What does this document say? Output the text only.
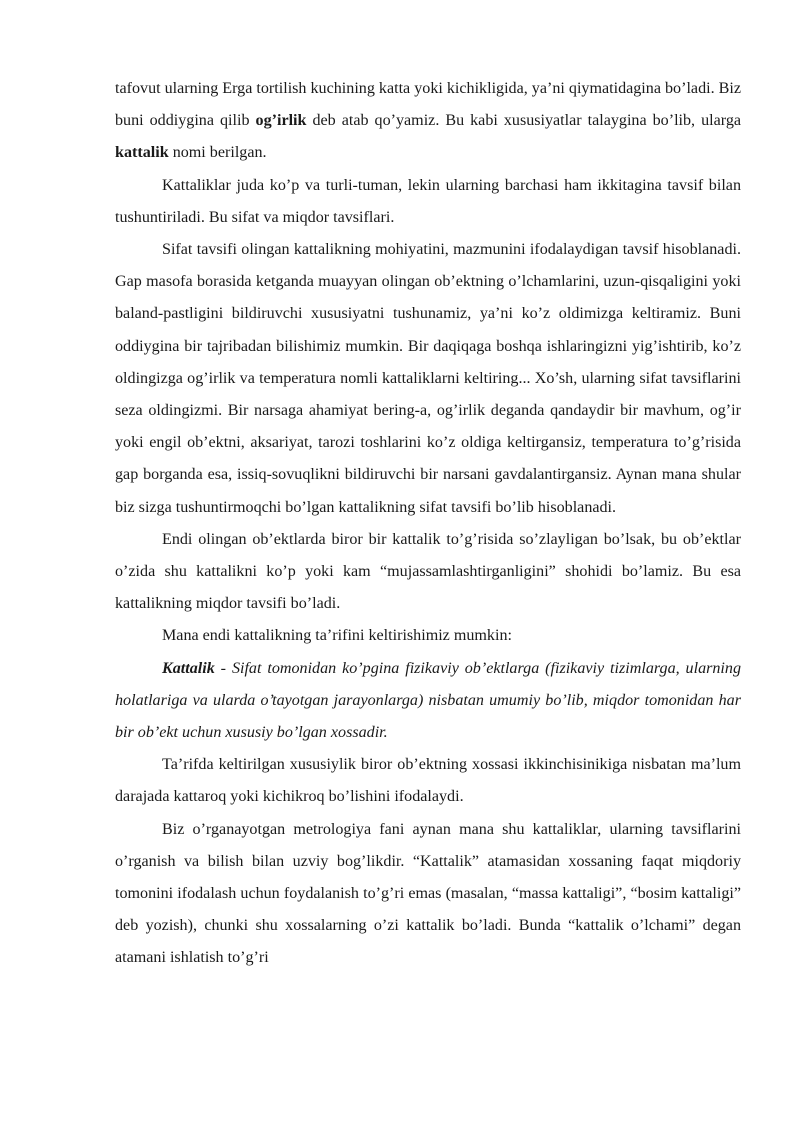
tafovut ularning Erga tortilish kuchining katta yoki kichikligida, ya’ni qiymatidagina bo’ladi. Biz buni oddiygina qilib og’irlik deb atab qo’yamiz. Bu kabi xususiyatlar talaygina bo’lib, ularga kattalik nomi berilgan.

Kattaliklar juda ko’p va turli-tuman, lekin ularning barchasi ham ikkitagina tavsif bilan tushuntiriladi. Bu sifat va miqdor tavsiflari.

Sifat tavsifi olingan kattalikning mohiyatini, mazmunini ifodalaydigan tavsif hisoblanadi. Gap masofa borasida ketganda muayyan olingan ob’ektning o’lchamlarini, uzun-qisqaligini yoki baland-pastligini bildiruvchi xususiyatni tushunamiz, ya’ni ko’z oldimizga keltiramiz. Buni oddiygina bir tajribadan bilishimiz mumkin. Bir daqiqaga boshqa ishlaringizni yig’ishtirib, ko’z oldingizga og’irlik va temperatura nomli kattaliklarni keltiring... Xo’sh, ularning sifat tavsiflarini seza oldingizmi. Bir narsaga ahamiyat bering-a, og’irlik deganda qandaydir bir mavhum, og’ir yoki engil ob’ektni, aksariyat, tarozi toshlarini ko’z oldiga keltirgansiz, temperatura to’g’risida gap borganda esa, issiq-sovuqlikni bildiruvchi bir narsani gavdalantirgansiz. Aynan mana shular biz sizga tushuntirmoqchi bo’lgan kattalikning sifat tavsifi bo’lib hisoblanadi.

Endi olingan ob’ektlarda biror bir kattalik to’g’risida so’zlayligan bo’lsak, bu ob’ektlar o’zida shu kattalikni ko’p yoki kam “mujassamlashtirganligini” shohidi bo’lamiz. Bu esa kattalikning miqdor tavsifi bo’ladi.

Mana endi kattalikning ta’rifini keltirishimiz mumkin:

Kattalik - Sifat tomonidan ko’pgina fizikaviy ob’ektlarga (fizikaviy tizimlarga, ularning holatlariga va ularda o’tayotgan jarayonlarga) nisbatan umumiy bo’lib, miqdor tomonidan har bir ob’ekt uchun xususiy bo’lgan xossadir.

Ta’rifda keltirilgan xususiylik biror ob’ektning xossasi ikkinchisinikiga nisbatan ma’lum darajada kattaroq yoki kichikroq bo’lishini ifodalaydi.

Biz o’rganayotgan metrologiya fani aynan mana shu kattaliklar, ularning tavsiflarini o’rganish va bilish bilan uzviy bog’likdir. “Kattalik” atamasidan xossaning faqat miqdoriy tomonini ifodalash uchun foydalanish to’g’ri emas (masalan, “massa kattaligi”, “bosim kattaligi” deb yozish), chunki shu xossalarning o’zi kattalik bo’ladi. Bunda “kattalik o’lchami” degan atamani ishlatish to’g’ri
